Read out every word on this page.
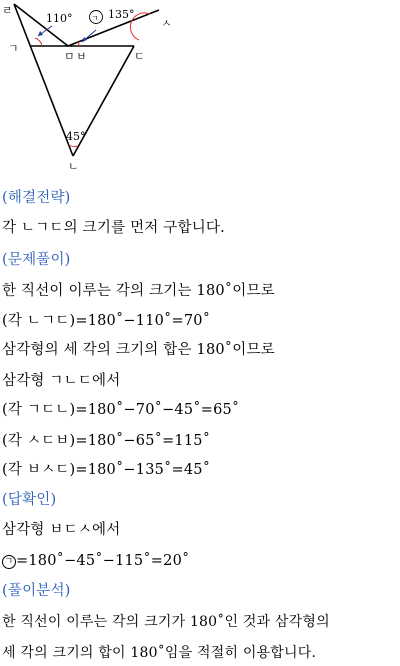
ㄹ
ㄱ
ㅁ ㅂ	ㄷ
ㅅ
ㄴ
110°	135°
45°
ㄱ
(해결전략)
각 ㄴㄱㄷ의 크기를 먼저 구합니다.
(문제풀이)
한 직선이 이루는 각의 크기는 180˚이므로
(각 ㄴㄱㄷ)=180˚−110˚=70˚
삼각형의 세 각의 크기의 합은 180˚이므로
삼각형 ㄱㄴㄷ에서
(각 ㄱㄷㄴ)=180˚−70˚−45˚=65˚
(각 ㅅㄷㅂ)=180˚−65˚=115˚
(각 ㅂㅅㄷ)=180˚−135˚=45˚
(답확인)
삼각형 ㅂㄷㅅ에서
ㄱ =180˚−45˚−115˚=20˚
(풀이분석)
한 직선이 이루는 각의 크기가 180˚인 것과 삼각형의
세 각의 크기의 합이 180˚임을 적절히 이용합니다.
